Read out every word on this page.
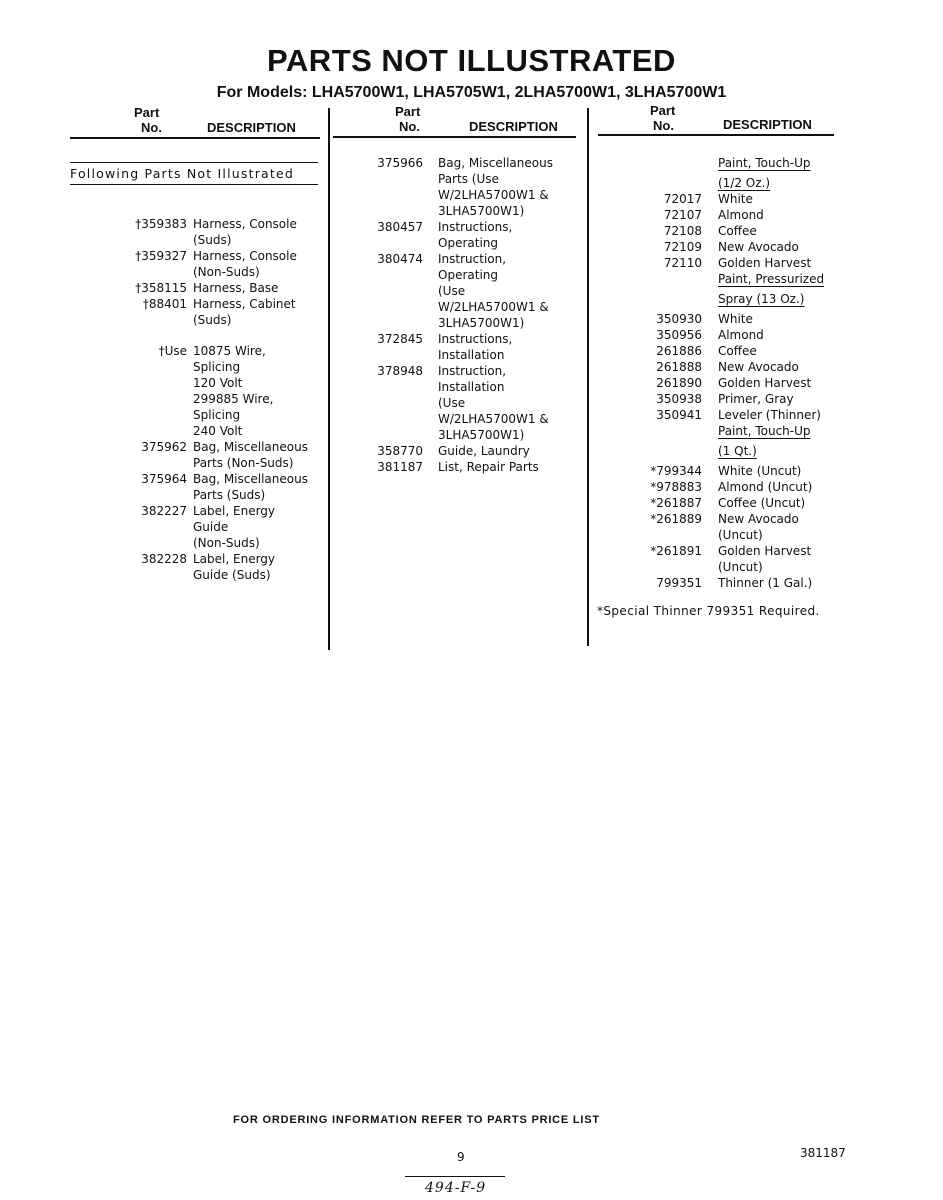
PARTS NOT ILLUSTRATED
For Models: LHA5700W1, LHA5705W1, 2LHA5700W1, 3LHA5700W1
Part
No.	DESCRIPTION
Part
No.	DESCRIPTION
Part
No.	DESCRIPTION
Following Parts Not Illustrated
†359383 Harness, Console
(Suds)
†359327 Harness, Console
(Non-Suds)
†358115 Harness, Base
†88401 Harness, Cabinet
(Suds)
†Use 10875 Wire,
Splicing
120 Volt
299885 Wire,
Splicing
240 Volt
375962 Bag, Miscellaneous
Parts (Non-Suds)
375964 Bag, Miscellaneous
Parts (Suds)
382227 Label, Energy
Guide
(Non-Suds)
382228 Label, Energy
Guide (Suds)
375966 Bag, Miscellaneous
Parts (Use
W/2LHA5700W1 &
3LHA5700W1)
380457 Instructions,
Operating
380474 Instruction,
Operating
(Use
W/2LHA5700W1 &
3LHA5700W1)
372845 Instructions,
Installation
378948 Instruction,
Installation
(Use
W/2LHA5700W1 &
3LHA5700W1)
358770 Guide, Laundry
381187 List, Repair Parts
Paint, Touch-Up
(1/2 Oz.)
72017 White
72107 Almond
72108 Coffee
72109 New Avocado
72110 Golden Harvest
Paint, Pressurized
Spray (13 Oz.)
350930 White
350956 Almond
261886 Coffee
261888 New Avocado
261890 Golden Harvest
350938 Primer, Gray
350941 Leveler (Thinner)
Paint, Touch-Up
(1 Qt.)
*799344 White (Uncut)
*978883 Almond (Uncut)
*261887 Coffee (Uncut)
*261889 New Avocado
(Uncut)
*261891 Golden Harvest
(Uncut)
799351 Thinner (1 Gal.)
*Special Thinner 799351 Required.
FOR ORDERING INFORMATION REFER TO PARTS PRICE LIST
9	381187
494-F-9
